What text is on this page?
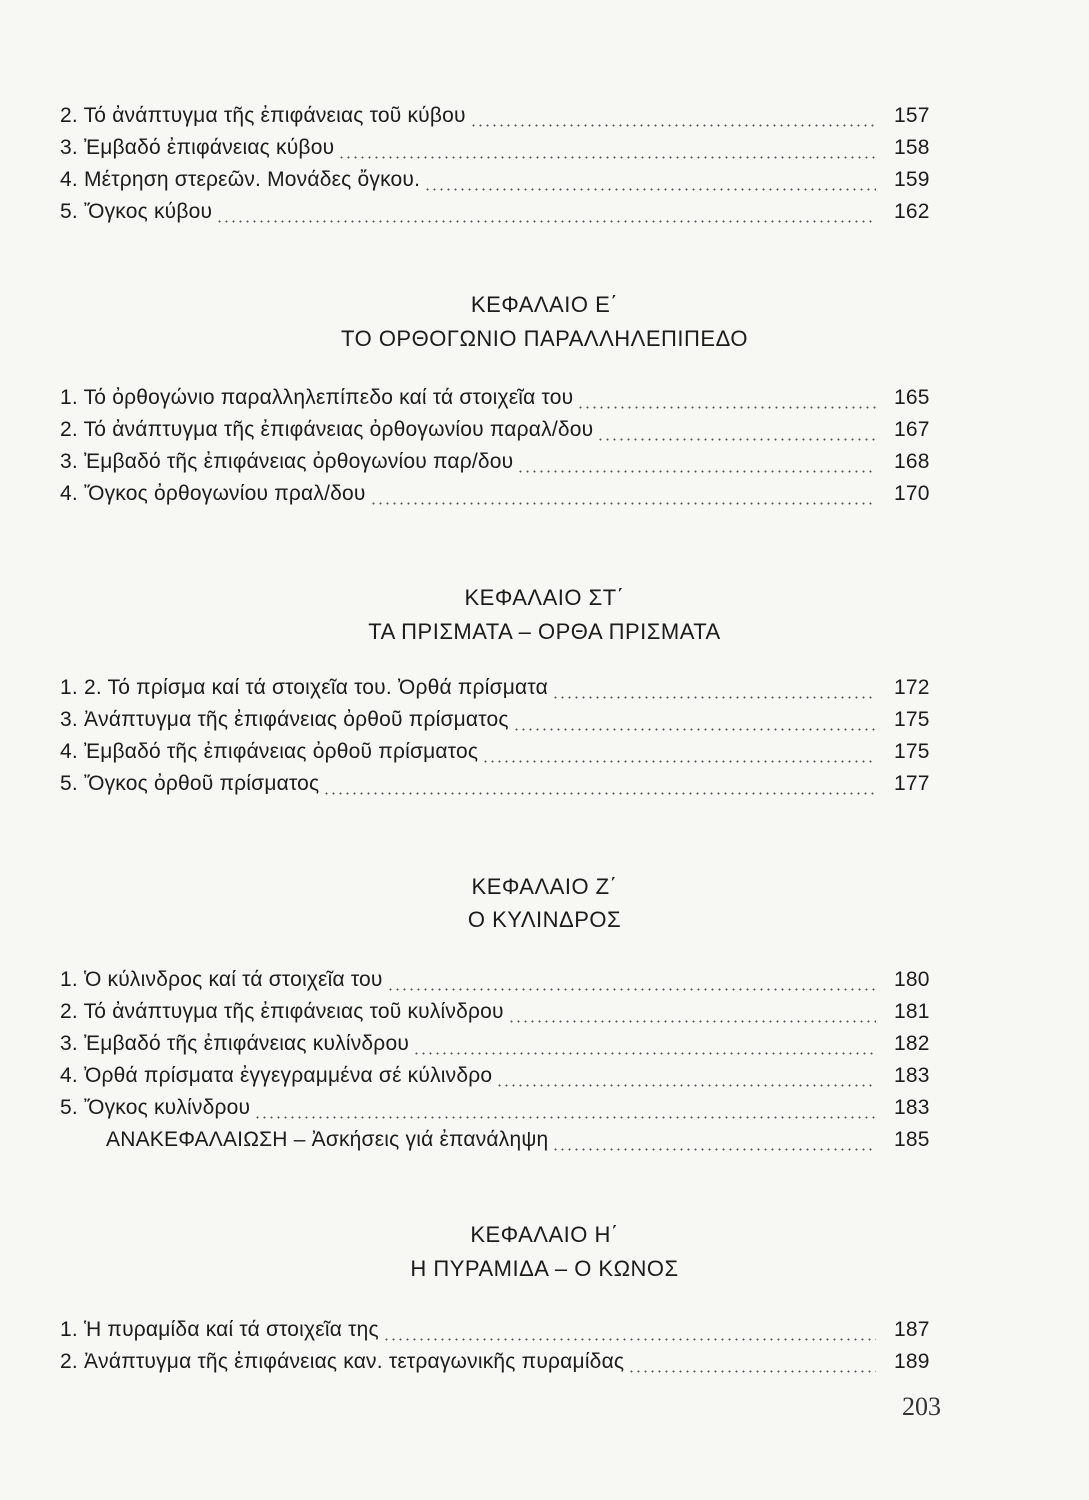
2. Τό ἀνάπτυγμα τῆς ἐπιφάνειας τοῦ κύβου	157
3. Ἐμβαδό ἐπιφάνειας κύβου	158
4. Μέτρηση στερεῶν. Μονάδες ὄγκου.	159
5. Ὄγκος κύβου	162
ΚΕΦΑΛΑΙΟ Ε΄
ΤΟ ΟΡΘΟΓΩΝΙΟ ΠΑΡΑΛΛΗΛΕΠΙΠΕΔΟ
1. Τό ὀρθογώνιο παραλληλεπίπεδο καί τά στοιχεῖα του	165
2. Τό ἀνάπτυγμα τῆς ἐπιφάνειας ὀρθογωνίου παραλ/δου	167
3. Ἐμβαδό τῆς ἐπιφάνειας ὀρθογωνίου παρ/δου	168
4. Ὄγκος ὀρθογωνίου πραλ/δου	170
ΚΕΦΑΛΑΙΟ ΣΤ΄
ΤΑ ΠΡΙΣΜΑΤΑ – ΟΡΘΑ ΠΡΙΣΜΑΤΑ
1. 2. Τό πρίσμα καί τά στοιχεῖα του. Ὀρθά πρίσματα	172
3. Ἀνάπτυγμα τῆς ἐπιφάνειας ὀρθοῦ πρίσματος	175
4. Ἐμβαδό τῆς ἐπιφάνειας ὀρθοῦ πρίσματος	175
5. Ὄγκος ὀρθοῦ πρίσματος	177
ΚΕΦΑΛΑΙΟ Ζ΄
Ο ΚΥΛΙΝΔΡΟΣ
1. Ὁ κύλινδρος καί τά στοιχεῖα του	180
2. Τό ἀνάπτυγμα τῆς ἐπιφάνειας τοῦ κυλίνδρου	181
3. Ἐμβαδό τῆς ἐπιφάνειας κυλίνδρου	182
4. Ὀρθά πρίσματα ἐγγεγραμμένα σέ κύλινδρο	183
5. Ὄγκος κυλίνδρου	183
ΑΝΑΚΕΦΑΛΑΙΩΣΗ – Ἀσκήσεις γιά ἐπανάληψη	185
ΚΕΦΑΛΑΙΟ Η΄
Η ΠΥΡΑΜΙΔΑ – Ο ΚΩΝΟΣ
1. Ἡ πυραμίδα καί τά στοιχεῖα της	187
2. Ἀνάπτυγμα τῆς ἐπιφάνειας καν. τετραγωνικῆς πυραμίδας	189
203
